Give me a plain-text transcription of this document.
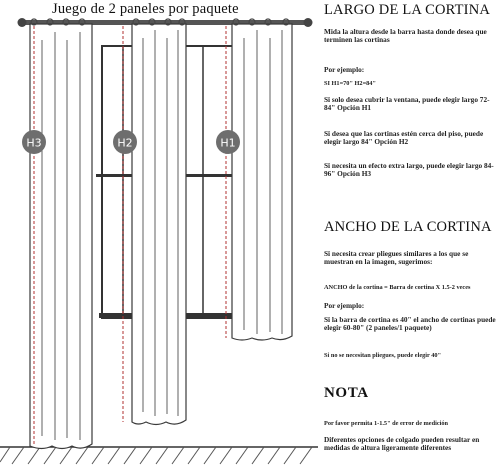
H3	H2	H1
Juego de 2 paneles por paquete	LARGO DE LA CORTINA
Mida la altura desde la barra hasta donde desea que terminen las cortinas
Por ejemplo:
SI H1=70" H2=84"
Si solo desea cubrir la ventana, puede elegir largo 72-84" Opción H1
Si desea que las cortinas estén cerca del piso, puede elegir largo 84" Opción H2
Si necesita un efecto extra largo, puede elegir largo 84-96" Opción H3
ANCHO DE LA CORTINA
Si necesita crear pliegues similares a los que se muestran en la imagen, sugerimos:
ANCHO de la cortina = Barra de cortina X 1.5-2 veces
Por ejemplo:
Si la barra de cortina es 40" el ancho de cortinas puede elegir 60-80" (2 paneles/1 paquete)
Si no se necesitan pliegues, puede elegir 40"
NOTA
Por favor permita 1-1.5" de error de medición
Diferentes opciones de colgado pueden resultar en medidas de altura ligeramente diferentes
